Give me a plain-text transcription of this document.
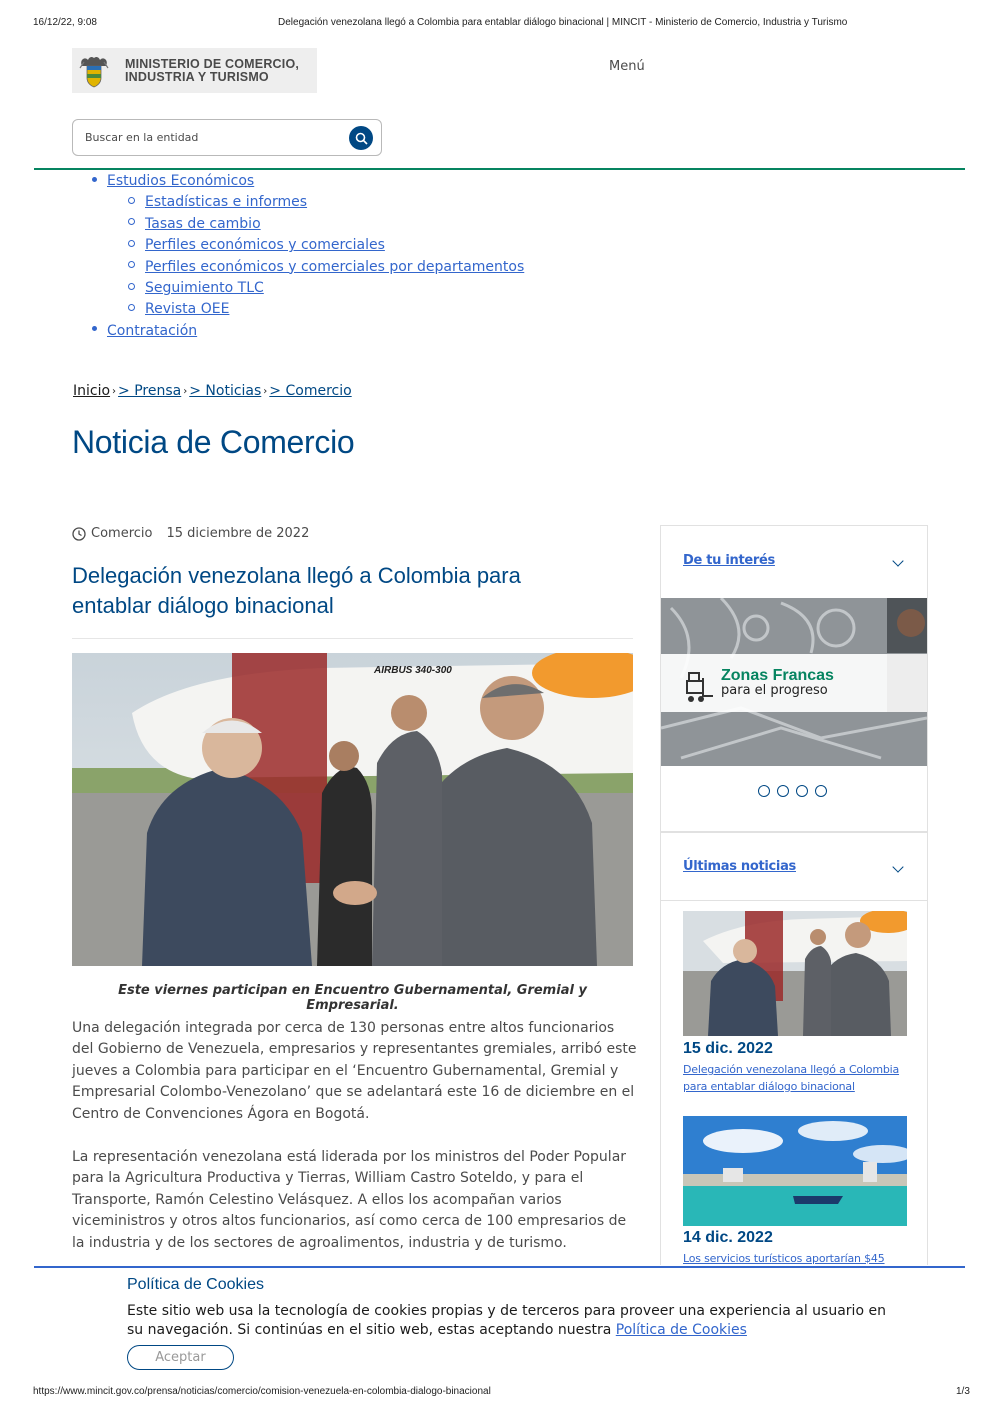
16/12/22, 9:08	Delegación venezolana llegó a Colombia para entablar diálogo binacional | MINCIT - Ministerio de Comercio, Industria y Turismo
MINISTERIO DE COMERCIO,
INDUSTRIA Y TURISMO
Menú
Buscar en la entidad
Estudios Económicos
Estadísticas e informes
Tasas de cambio
Perfiles económicos y comerciales
Perfiles económicos y comerciales por departamentos
Seguimiento TLC
Revista OEE
Contratación
Inicio › > Prensa › > Noticias › > Comercio
Noticia de Comercio
Comercio 15 diciembre de 2022
Delegación venezolana llegó a Colombia para entablar diálogo binacional
AIRBUS 340-300
Este viernes participan en Encuentro Gubernamental, Gremial y Empresarial.

Una delegación integrada por cerca de 130 personas entre altos funcionarios del Gobierno de Venezuela, empresarios y representantes gremiales, arribó este jueves a Colombia para participar en el ‘Encuentro Gubernamental, Gremial y Empresarial Colombo-Venezolano’ que se adelantará este 16 de diciembre en el Centro de Convenciones Ágora en Bogotá.

La representación venezolana está liderada por los ministros del Poder Popular para la Agricultura Productiva y Tierras, William Castro Soteldo, y para el Transporte, Ramón Celestino Velásquez. A ellos los acompañan varios viceministros y otros altos funcionarios, así como cerca de 100 empresarios de la industria y de los sectores de agroalimentos, industria y de turismo.

De tu interés
Zonas Francas
para el progreso
Últimas noticias
15 dic. 2022
Delegación venezolana llegó a Colombia para entablar diálogo binacional
14 dic. 2022
Los servicios turísticos aportarían $45
Política de Cookies
Este sitio web usa la tecnología de cookies propias y de terceros para proveer una experiencia al usuario en su navegación. Si continúas en el sitio web, estas aceptando nuestra Política de Cookies
Aceptar
https://www.mincit.gov.co/prensa/noticias/comercio/comision-venezuela-en-colombia-dialogo-binacional	1/3
